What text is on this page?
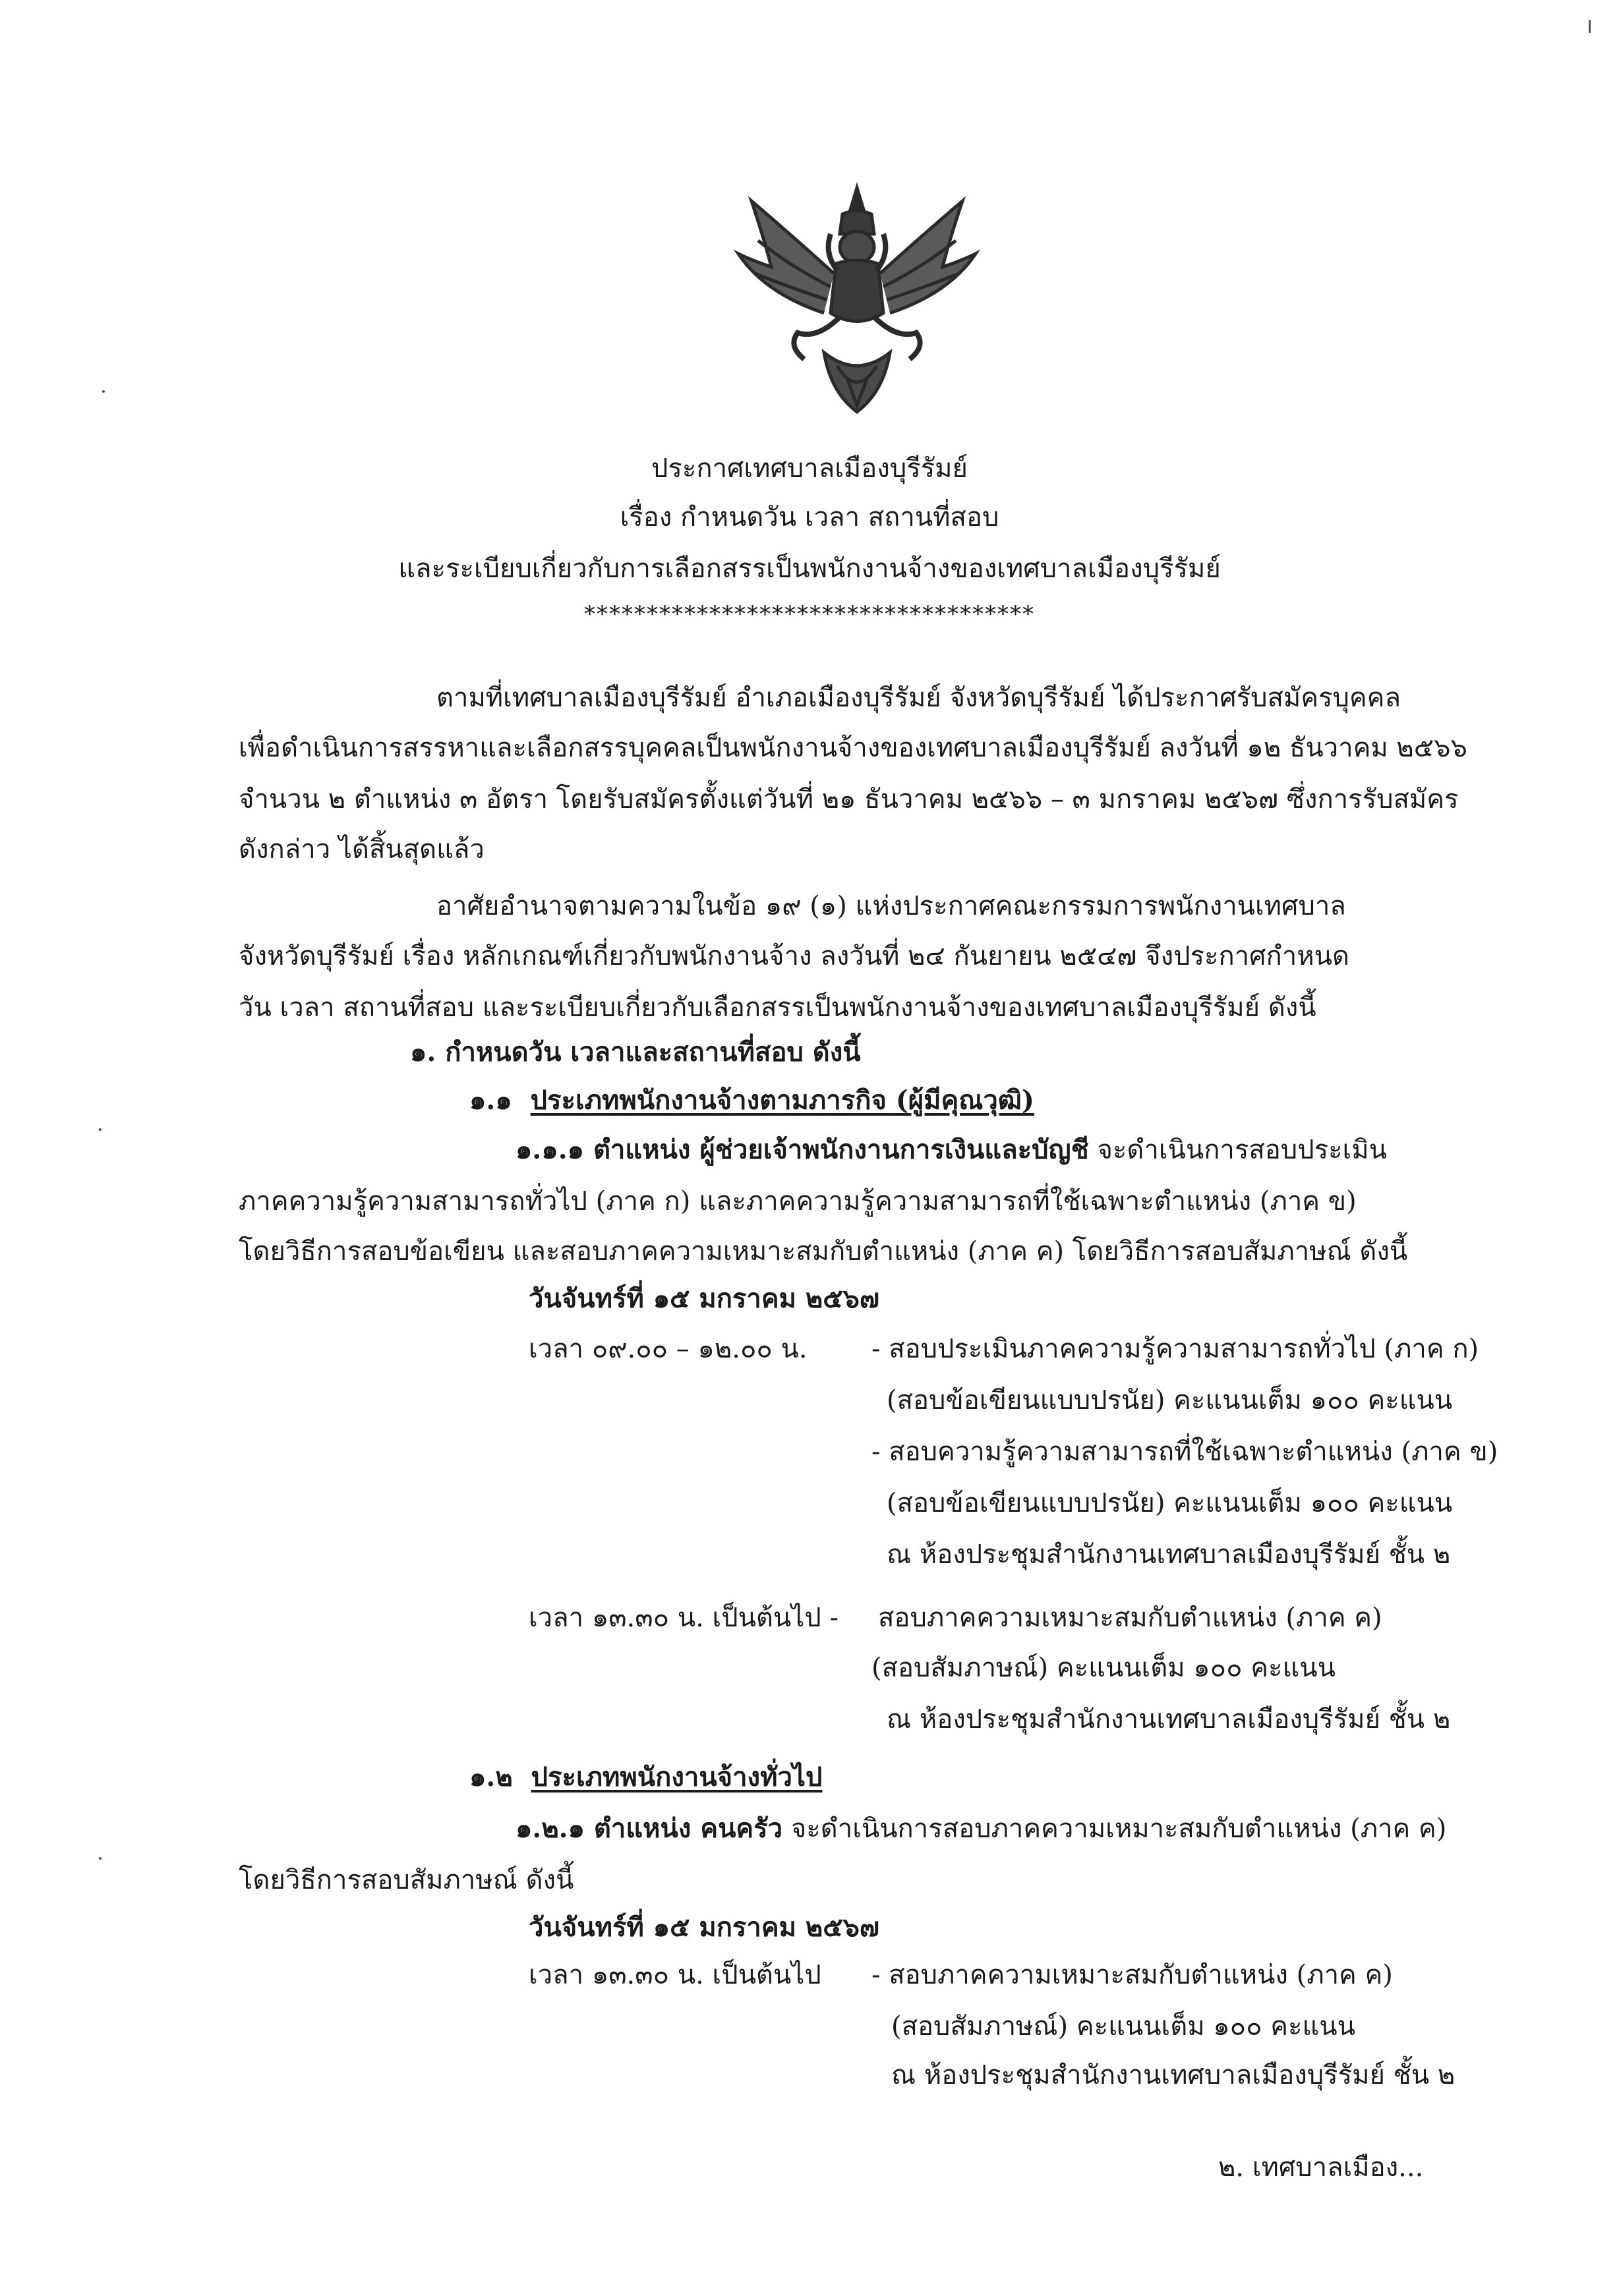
ประกาศเทศบาลเมืองบุรีรัมย์
เรื่อง กำหนดวัน เวลา สถานที่สอบ
และระเบียบเกี่ยวกับการเลือกสรรเป็นพนักงานจ้างของเทศบาลเมืองบุรีรัมย์
************************************
ตามที่เทศบาลเมืองบุรีรัมย์ อำเภอเมืองบุรีรัมย์ จังหวัดบุรีรัมย์ ได้ประกาศรับสมัครบุคคล
เพื่อดำเนินการสรรหาและเลือกสรรบุคคลเป็นพนักงานจ้างของเทศบาลเมืองบุรีรัมย์ ลงวันที่ ๑๒ ธันวาคม ๒๕๖๖
จำนวน ๒ ตำแหน่ง ๓ อัตรา โดยรับสมัครตั้งแต่วันที่ ๒๑ ธันวาคม ๒๕๖๖ – ๓ มกราคม ๒๕๖๗ ซึ่งการรับสมัคร
ดังกล่าว ได้สิ้นสุดแล้ว
อาศัยอำนาจตามความในข้อ ๑๙ (๑) แห่งประกาศคณะกรรมการพนักงานเทศบาล
จังหวัดบุรีรัมย์ เรื่อง หลักเกณฑ์เกี่ยวกับพนักงานจ้าง ลงวันที่ ๒๔ กันยายน ๒๕๔๗ จึงประกาศกำหนด
วัน เวลา สถานที่สอบ และระเบียบเกี่ยวกับเลือกสรรเป็นพนักงานจ้างของเทศบาลเมืองบุรีรัมย์ ดังนี้
๑. กำหนดวัน เวลาและสถานที่สอบ ดังนี้
๑.๑ ประเภทพนักงานจ้างตามภารกิจ (ผู้มีคุณวุฒิ)
๑.๑.๑ ตำแหน่ง ผู้ช่วยเจ้าพนักงานการเงินและบัญชี จะดำเนินการสอบประเมิน
ภาคความรู้ความสามารถทั่วไป (ภาค ก) และภาคความรู้ความสามารถที่ใช้เฉพาะตำแหน่ง (ภาค ข)
โดยวิธีการสอบข้อเขียน และสอบภาคความเหมาะสมกับตำแหน่ง (ภาค ค) โดยวิธีการสอบสัมภาษณ์ ดังนี้
วันจันทร์ที่ ๑๕ มกราคม ๒๕๖๗
เวลา ๐๙.๐๐ – ๑๒.๐๐ น. - สอบประเมินภาคความรู้ความสามารถทั่วไป (ภาค ก)
(สอบข้อเขียนแบบปรนัย) คะแนนเต็ม ๑๐๐ คะแนน
- สอบความรู้ความสามารถที่ใช้เฉพาะตำแหน่ง (ภาค ข)
(สอบข้อเขียนแบบปรนัย) คะแนนเต็ม ๑๐๐ คะแนน
ณ ห้องประชุมสำนักงานเทศบาลเมืองบุรีรัมย์ ชั้น ๒
เวลา ๑๓.๓๐ น. เป็นต้นไป - สอบภาคความเหมาะสมกับตำแหน่ง (ภาค ค)
(สอบสัมภาษณ์) คะแนนเต็ม ๑๐๐ คะแนน
ณ ห้องประชุมสำนักงานเทศบาลเมืองบุรีรัมย์ ชั้น ๒
๑.๒ ประเภทพนักงานจ้างทั่วไป
๑.๒.๑ ตำแหน่ง คนครัว จะดำเนินการสอบภาคความเหมาะสมกับตำแหน่ง (ภาค ค)
โดยวิธีการสอบสัมภาษณ์ ดังนี้
วันจันทร์ที่ ๑๕ มกราคม ๒๕๖๗
เวลา ๑๓.๓๐ น. เป็นต้นไป - สอบภาคความเหมาะสมกับตำแหน่ง (ภาค ค)
(สอบสัมภาษณ์) คะแนนเต็ม ๑๐๐ คะแนน
ณ ห้องประชุมสำนักงานเทศบาลเมืองบุรีรัมย์ ชั้น ๒
๒. เทศบาลเมือง...
